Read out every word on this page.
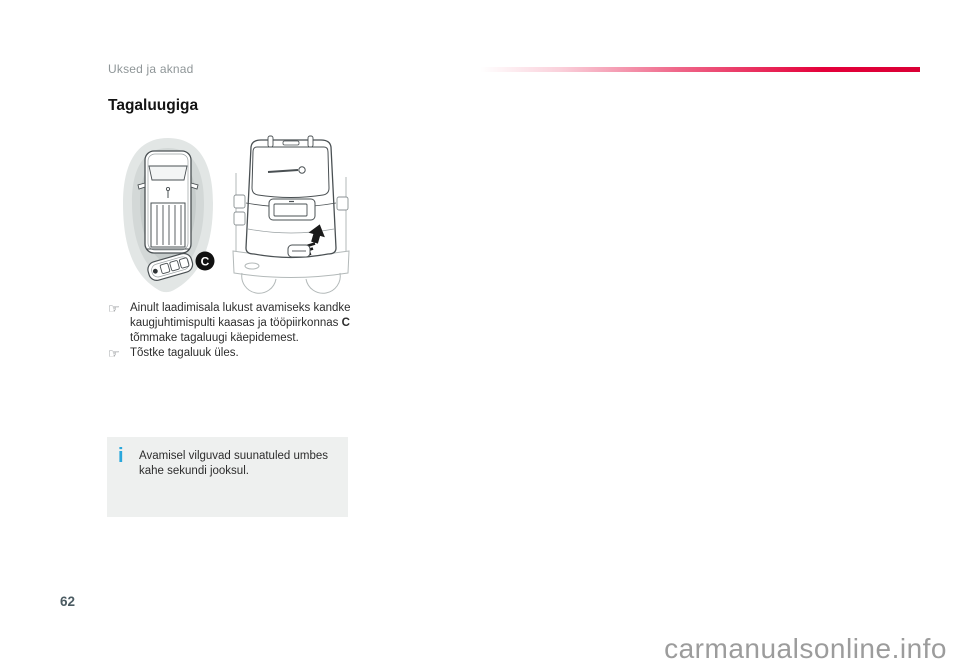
Uksed ja aknad
Tagaluugiga
C
☞ Ainult laadimisala lukust avamiseks kandke kaugjuhtimispulti kaasas ja tööpiirkonnas C tõmmake tagaluugi käepidemest.
☞ Tõstke tagaluuk üles.
i	Avamisel vilguvad suunatuled umbes kahe sekundi jooksul.
62
carmanualsonline.info
